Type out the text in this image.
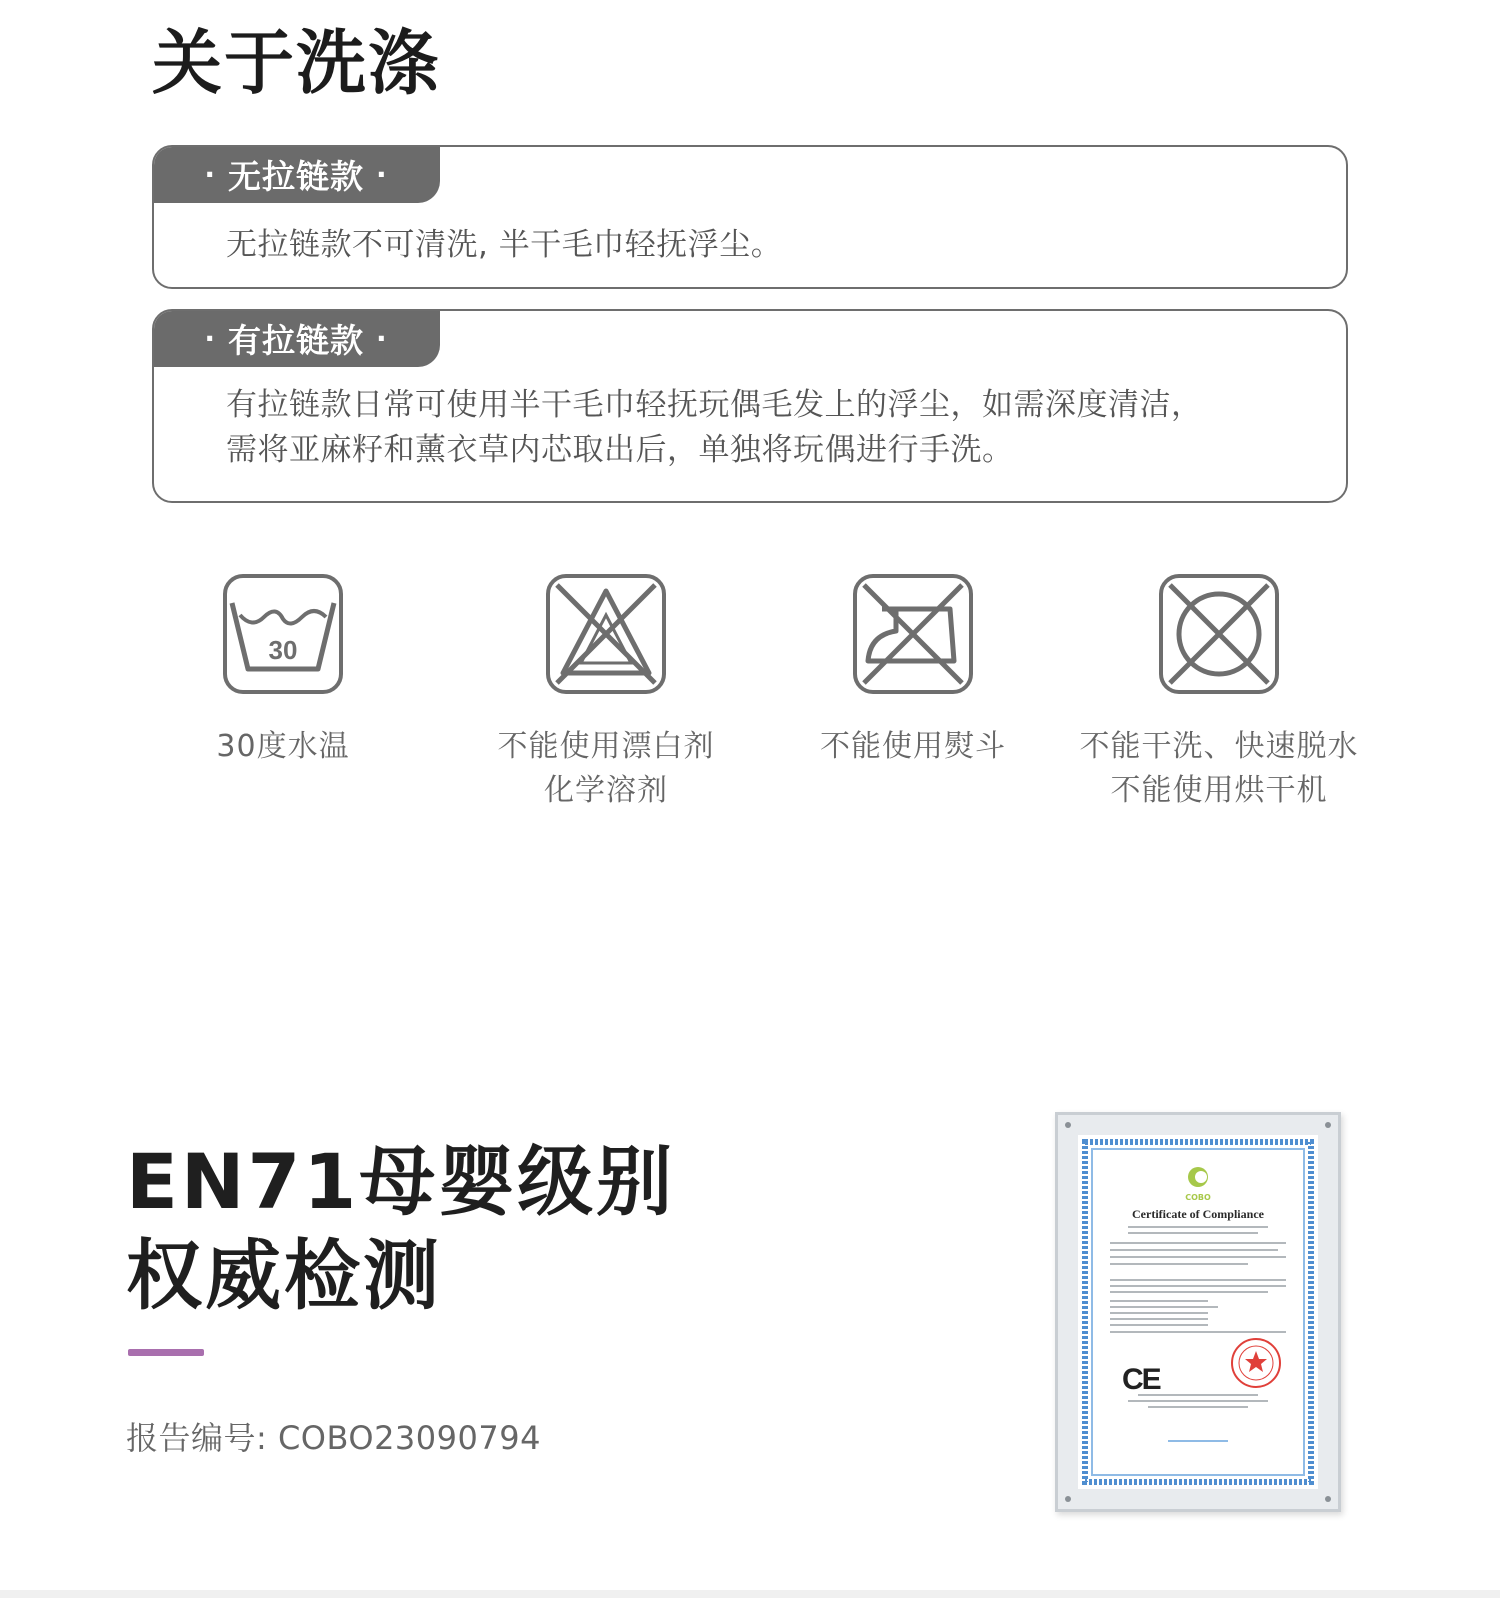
关于洗涤
· 无拉链款 ·
无拉链款不可清洗, 半干毛巾轻抚浮尘。
· 有拉链款 ·
有拉链款日常可使用半干毛巾轻抚玩偶毛发上的浮尘，如需深度清洁，
需将亚麻籽和薰衣草内芯取出后，单独将玩偶进行手洗。
30
30度水温	不能使用漂白剂
化学溶剂
不能使用熨斗	不能干洗、快速脱水
不能使用烘干机
EN71母婴级别
权威检测
报告编号: COBO23090794
COBO
Certificate of Compliance
CE
